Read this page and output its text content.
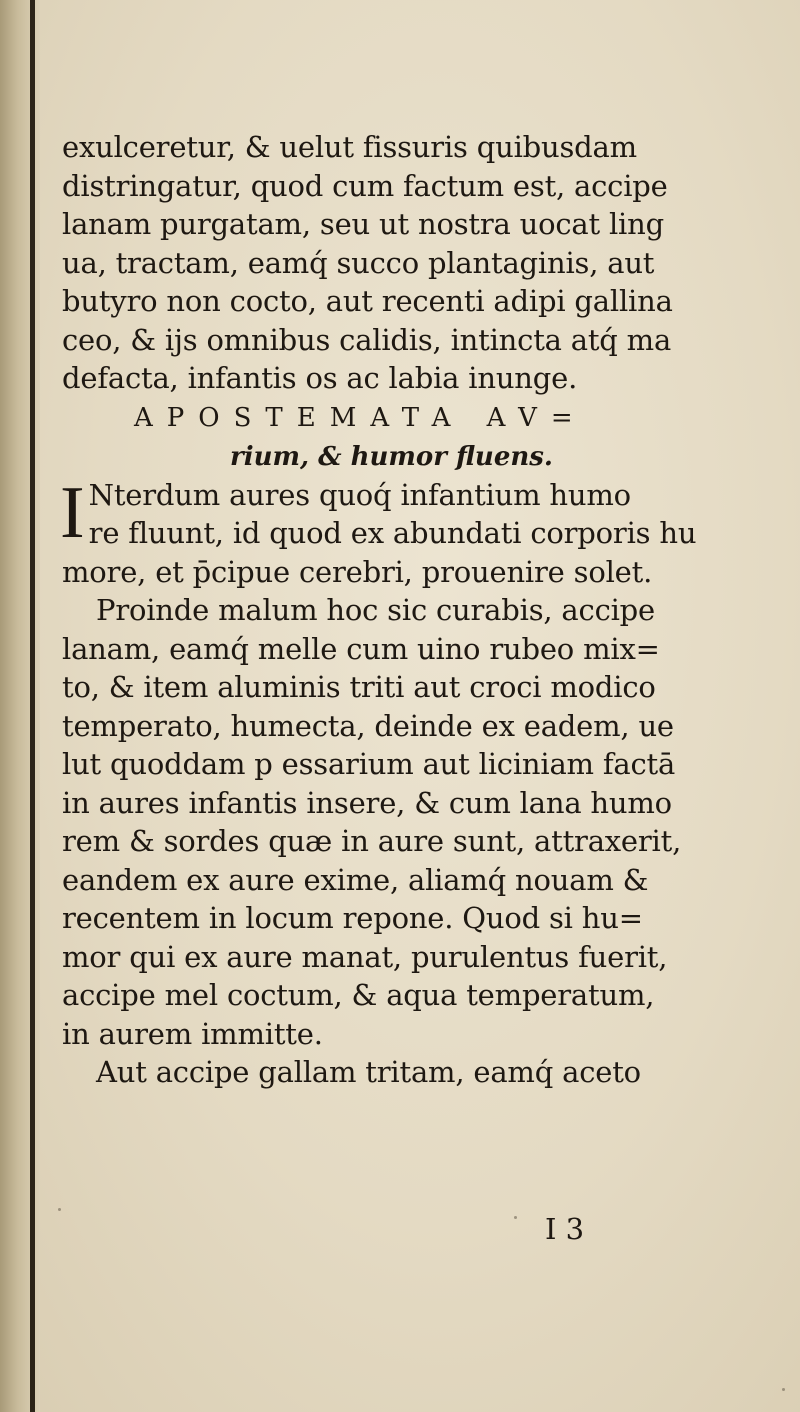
exulceretur, & uelut fissuris quibusdam
distringatur, quod cum factum est, accipe
lanam purgatam, seu ut nostra uocat ling
ua, tractam, eamq́ succo plantaginis, aut
butyro non cocto, aut recenti adipi gallina
ceo, & ijs omnibus calidis, intincta atq́ ma
defacta, infantis os ac labia inunge.
APOSTEMATA AV=
rium, & humor fluens.
I Nterdum aures quoq́ infantium humo
re fluunt, id quod ex abundati corporis hu
more, et p̄cipue cerebri, prouenire solet.
Proinde malum hoc sic curabis, accipe
lanam, eamq́ melle cum uino rubeo mix=
to, & item aluminis triti aut croci modico
temperato, humecta, deinde ex eadem, ue
lut quoddam p essarium aut liciniam factā
in aures infantis insere, & cum lana humo
rem & sordes quæ in aure sunt, attraxerit,
eandem ex aure exime, aliamq́ nouam &
recentem in locum repone. Quod si hu=
mor qui ex aure manat, purulentus fuerit,
accipe mel coctum, & aqua temperatum,
in aurem immitte.
Aut accipe gallam tritam, eamq́ aceto
I 3
